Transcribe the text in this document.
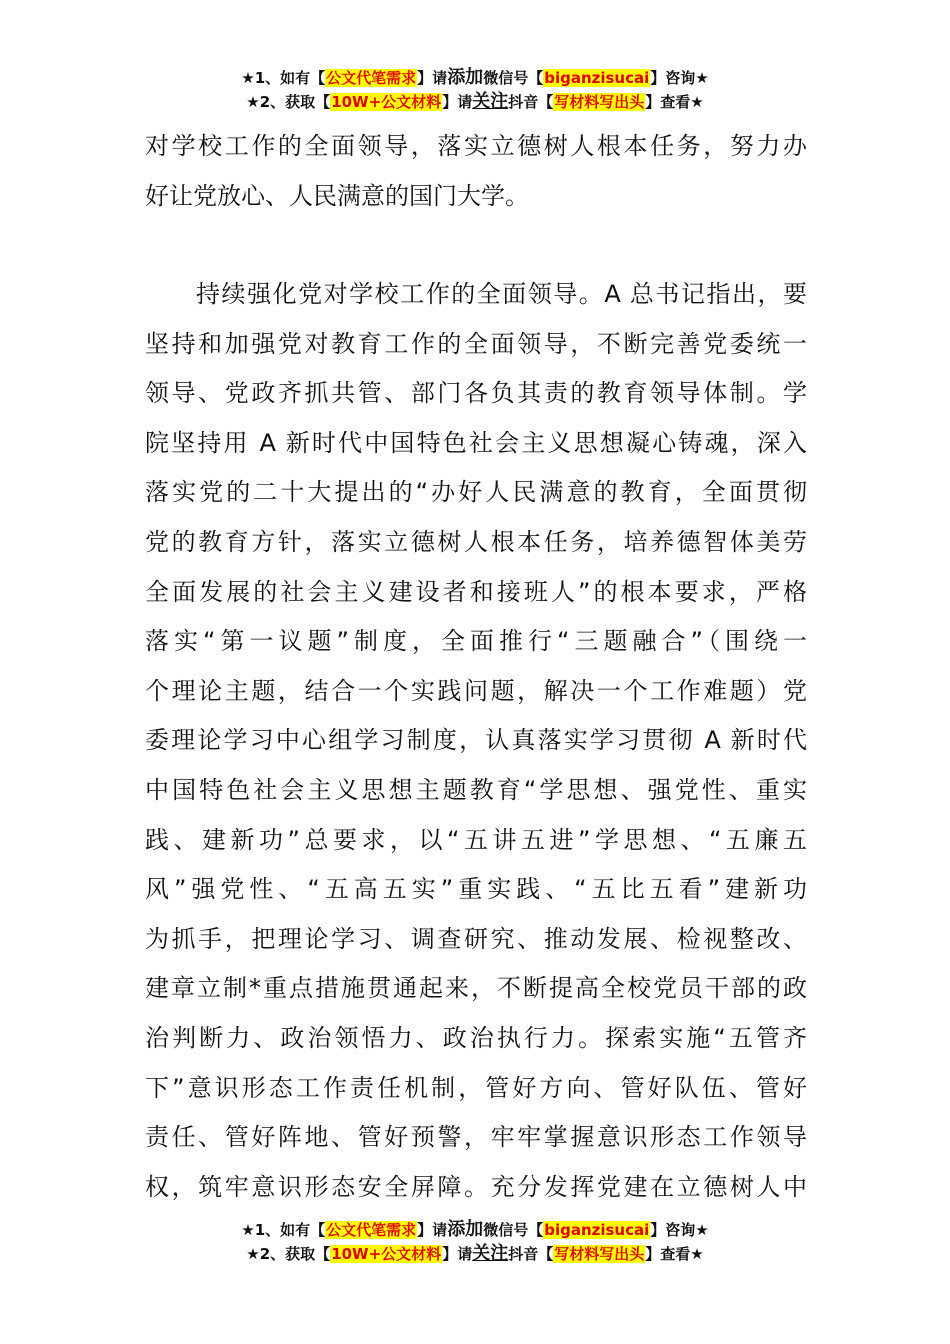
★1、如有【公文代笔需求】请添加微信号【biganzisucai】咨询★
★2、获取【10W+公文材料】请关注抖音【写材料写出头】查看★
对学校工作的全面领导，落实立德树人根本任务，努力办
好让党放心、人民满意的国门大学。
　　持续强化党对学校工作的全面领导。A 总书记指出，要
坚持和加强党对教育工作的全面领导，不断完善党委统一
领导、党政齐抓共管、部门各负其责的教育领导体制。学
院坚持用 A 新时代中国特色社会主义思想凝心铸魂，深入
落实党的二十大提出的“办好人民满意的教育，全面贯彻
党的教育方针，落实立德树人根本任务，培养德智体美劳
全面发展的社会主义建设者和接班人”的根本要求，严格
落实“第一议题”制度，全面推行“三题融合”（围绕一
个理论主题，结合一个实践问题，解决一个工作难题）党
委理论学习中心组学习制度，认真落实学习贯彻 A 新时代
中国特色社会主义思想主题教育“学思想、强党性、重实
践、建新功”总要求，以“五讲五进”学思想、“五廉五
风”强党性、“五高五实”重实践、“五比五看”建新功
为抓手，把理论学习、调查研究、推动发展、检视整改、
建章立制*重点措施贯通起来，不断提高全校党员干部的政
治判断力、政治领悟力、政治执行力。探索实施“五管齐
下”意识形态工作责任机制，管好方向、管好队伍、管好
责任、管好阵地、管好预警，牢牢掌握意识形态工作领导
权，筑牢意识形态安全屏障。充分发挥党建在立德树人中
★1、如有【公文代笔需求】请添加微信号【biganzisucai】咨询★
★2、获取【10W+公文材料】请关注抖音【写材料写出头】查看★
